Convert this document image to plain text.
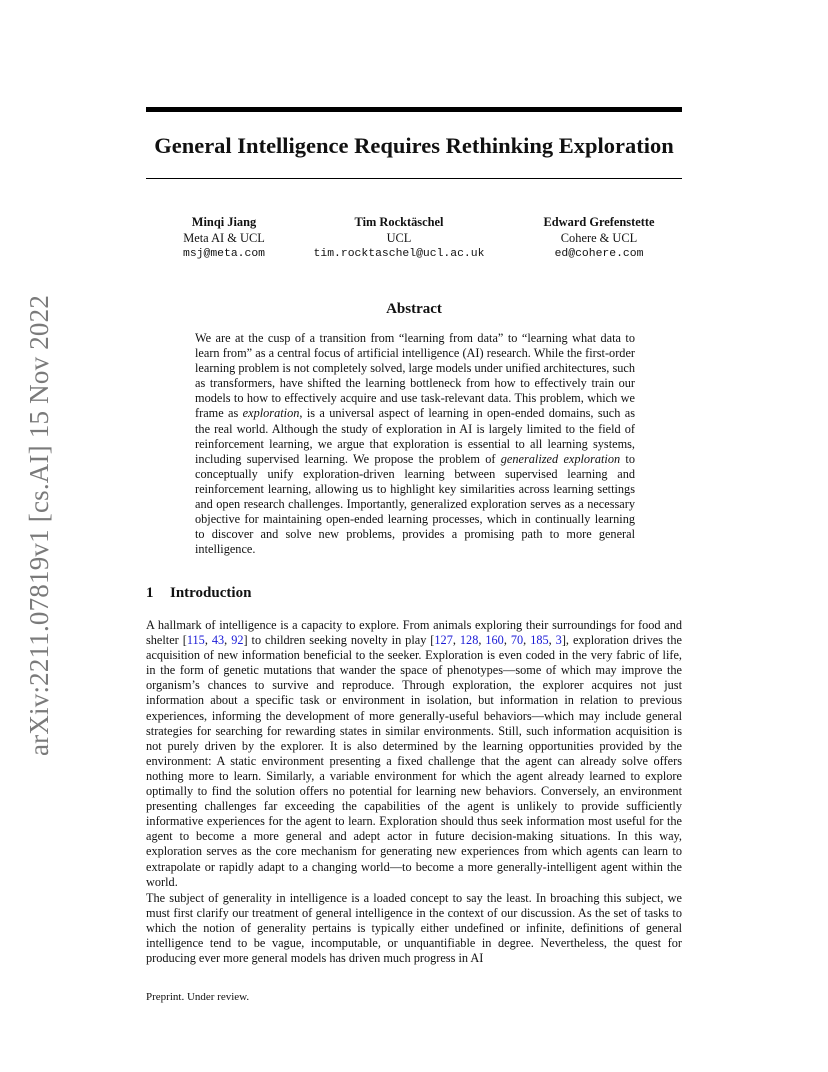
arXiv:2211.07819v1 [cs.AI] 15 Nov 2022
General Intelligence Requires Rethinking Exploration
Minqi Jiang
Meta AI & UCL
msj@meta.com
Tim Rocktäschel
UCL
tim.rocktaschel@ucl.ac.uk
Edward Grefenstette
Cohere & UCL
ed@cohere.com
Abstract

We are at the cusp of a transition from “learning from data” to “learning what data to learn from” as a central focus of artificial intelligence (AI) research. While the first-order learning problem is not completely solved, large models under unified architectures, such as transformers, have shifted the learning bottleneck from how to effectively train our models to how to effectively acquire and use task-relevant data. This problem, which we frame as exploration, is a universal aspect of learning in open-ended domains, such as the real world. Although the study of exploration in AI is largely limited to the field of reinforcement learning, we argue that exploration is essential to all learning systems, including supervised learning. We propose the problem of generalized exploration to conceptually unify exploration-driven learning between supervised learning and reinforcement learning, allowing us to highlight key similarities across learning settings and open research challenges. Importantly, generalized exploration serves as a necessary objective for maintaining open-ended learning processes, which in continually learning to discover and solve new problems, provides a promising path to more general intelligence.

1 Introduction

A hallmark of intelligence is a capacity to explore. From animals exploring their surroundings for food and shelter [115, 43, 92] to children seeking novelty in play [127, 128, 160, 70, 185, 3], exploration drives the acquisition of new information beneficial to the seeker. Exploration is even coded in the very fabric of life, in the form of genetic mutations that wander the space of phenotypes—some of which may improve the organism’s chances to survive and reproduce. Through exploration, the explorer acquires not just information about a specific task or environment in isolation, but information in relation to previous experiences, informing the development of more generally-useful behaviors—which may include general strategies for searching for rewarding states in similar environments. Still, such information acquisition is not purely driven by the explorer. It is also determined by the learning opportunities provided by the environment: A static environment presenting a fixed challenge that the agent can already solve offers nothing more to learn. Similarly, a variable environment for which the agent already learned to explore optimally to find the solution offers no potential for learning new behaviors. Conversely, an environment presenting challenges far exceeding the capabilities of the agent is unlikely to provide sufficiently informative experiences for the agent to learn. Exploration should thus seek information most useful for the agent to become a more general and adept actor in future decision-making situations. In this way, exploration serves as the core mechanism for generating new experiences from which agents can learn to extrapolate or rapidly adapt to a changing world—to become a more generally-intelligent agent within the world.

The subject of generality in intelligence is a loaded concept to say the least. In broaching this subject, we must first clarify our treatment of general intelligence in the context of our discussion. As the set of tasks to which the notion of generality pertains is typically either undefined or infinite, definitions of general intelligence tend to be vague, incomputable, or unquantifiable in degree. Nevertheless, the quest for producing ever more general models has driven much progress in AI

Preprint. Under review.
